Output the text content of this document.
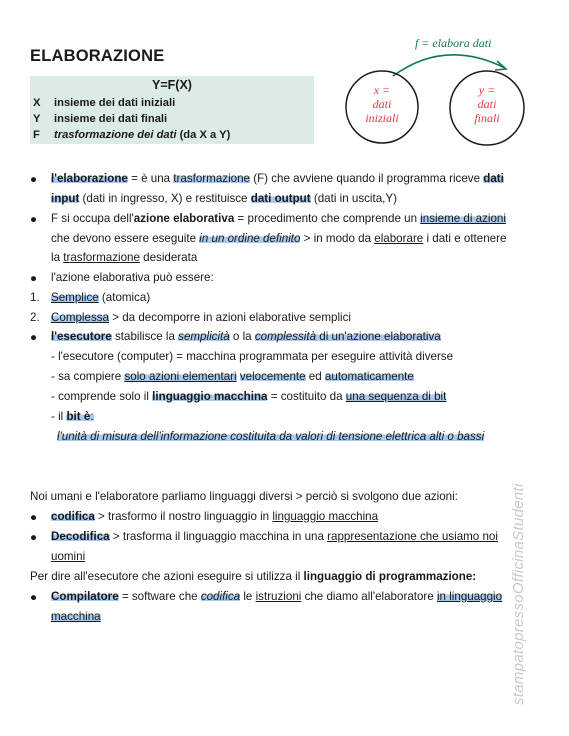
ELABORAZIONE
Y=F(X)
X insieme dei dati iniziali
Y insieme dei dati finali
F trasformazione dei dati (da X a Y)
f = elabora dati
x =
dati
iniziali
y =
dati
finali
● l'elaborazione = è una trasformazione (F) che avviene quando il programma riceve dati
input (dati in ingresso, X) e restituisce dati output (dati in uscita,Y)
● F si occupa dell'azione elaborativa = procedimento che comprende un insieme di azioni
che devono essere eseguite in un ordine definito > in modo da elaborare i dati e ottenere
la trasformazione desiderata
● l'azione elaborativa può essere:
1. Semplice (atomica)
2. Complessa > da decomporre in azioni elaborative semplici
● l'esecutore stabilisce la semplicità o la complessità di un'azione elaborativa
- l'esecutore (computer) = macchina programmata per eseguire attività diverse
- sa compiere solo azioni elementari velocemente ed automaticamente
- comprende solo il linguaggio macchina = costituito da una sequenza di bit
- il bit è:
l'unità di misura dell'informazione costituita da valori di tensione elettrica alti o bassi
Noi umani e l'elaboratore parliamo linguaggi diversi > perciò si svolgono due azioni:
● codifica > trasformo il nostro linguaggio in linguaggio macchina
● Decodifica > trasforma il linguaggio macchina in una rappresentazione che usiamo noi
uomini
Per dire all'esecutore che azioni eseguire si utilizza il linguaggio di programmazione:
● Compilatore = software che codifica le istruzioni che diamo all'elaboratore in linguaggio
macchina	stampatopressoOfficinaStudenti
